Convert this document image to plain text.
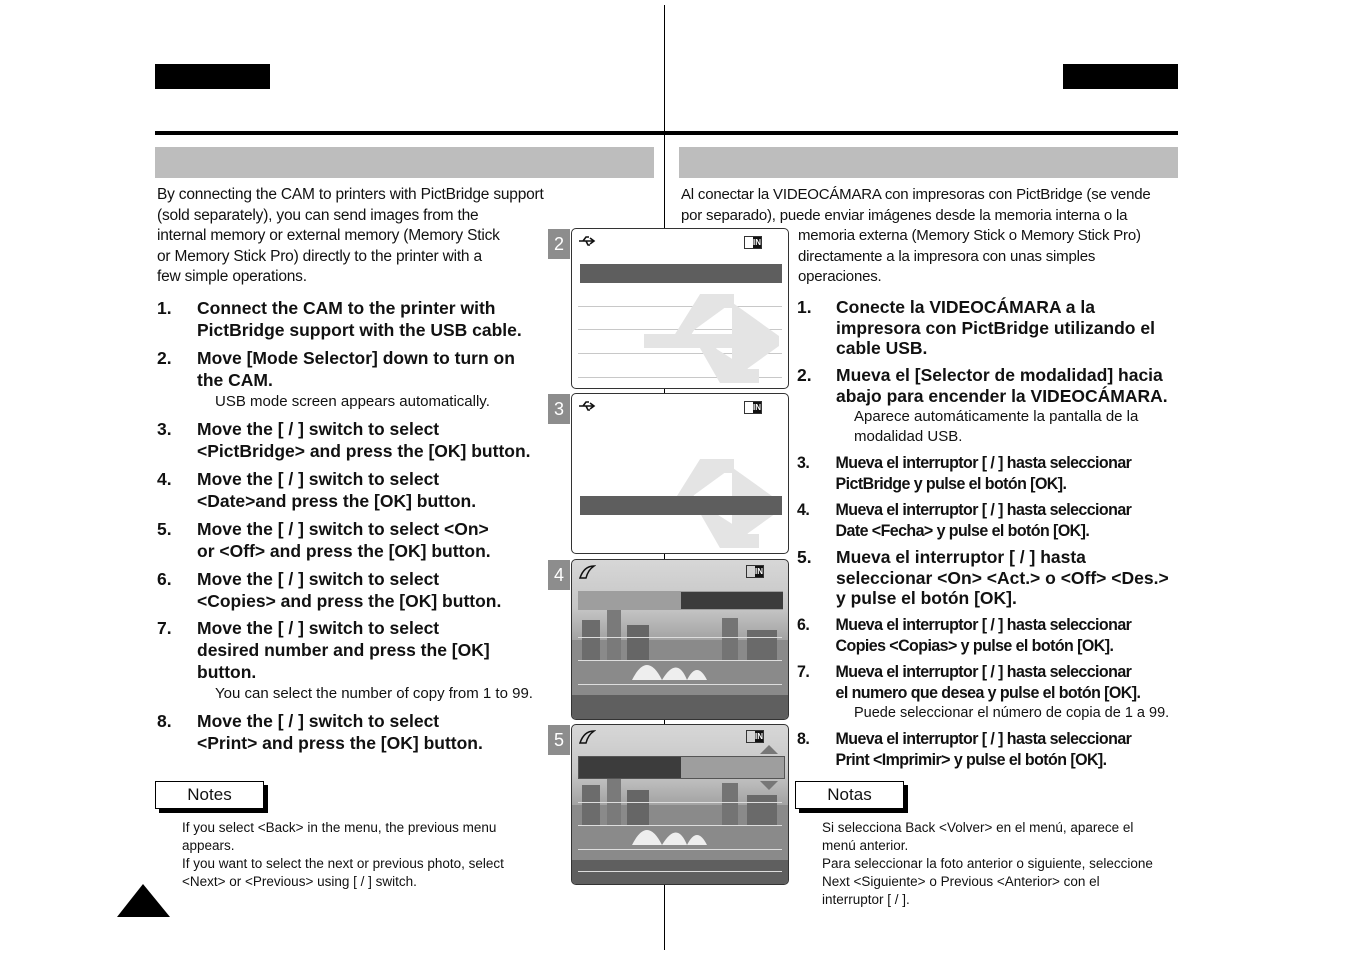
By connecting the CAM to printers with PictBridge support
(sold separately), you can send images from the
internal memory or external memory (Memory Stick
or Memory Stick Pro) directly to the printer with a
few simple operations.
1. Connect the CAM to the printer with
PictBridge support with the USB cable.
2. Move [Mode Selector] down to turn on
the CAM.
USB mode screen appears automatically.
3. Move the [ / ] switch to select
<PictBridge> and press the [OK] button.
4. Move the [ / ] switch to select
<Date>and press the [OK] button.
5. Move the [ / ] switch to select <On>
or <Off> and press the [OK] button.
6. Move the [ / ] switch to select
<Copies> and press the [OK] button.
7. Move the [ / ] switch to select
desired number and press the [OK]
button.
You can select the number of copy from 1 to 99.
8. Move the [ / ] switch to select
<Print> and press the [OK] button.
Notes
If you select <Back> in the menu, the previous menu
appears.
If you want to select the next or previous photo, select
<Next> or <Previous> using [ / ] switch.
2	IN
3	IN
4	IN
5	IN
Al conectar la VIDEOCÁMARA con impresoras con PictBridge (se vende
por separado), puede enviar imágenes desde la memoria interna o la
memoria externa (Memory Stick o Memory Stick Pro)
directamente a la impresora con unas simples
operaciones.
1. Conecte la VIDEOCÁMARA a la
impresora con PictBridge utilizando el
cable USB.
2. Mueva el [Selector de modalidad] hacia
abajo para encender la VIDEOCÁMARA.
Aparece automáticamente la pantalla de la
modalidad USB.
3. Mueva el interruptor [ / ] hasta seleccionar
PictBridge y pulse el botón [OK].
4. Mueva el interruptor [ / ] hasta seleccionar
Date <Fecha> y pulse el botón [OK].
5. Mueva el interruptor [ / ] hasta
seleccionar <On> <Act.> o <Off> <Des.>
y pulse el botón [OK].
6. Mueva el interruptor [ / ] hasta seleccionar
Copies <Copias> y pulse el botón [OK].
7. Mueva el interruptor [ / ] hasta seleccionar
el numero que desea y pulse el botón [OK].
Puede seleccionar el número de copia de 1 a 99.
8. Mueva el interruptor [ / ] hasta seleccionar
Print <Imprimir> y pulse el botón [OK].
Notas
Si selecciona Back <Volver> en el menú, aparece el
menú anterior.
Para seleccionar la foto anterior o siguiente, seleccione
Next <Siguiente> o Previous <Anterior> con el
interruptor [ / ].
